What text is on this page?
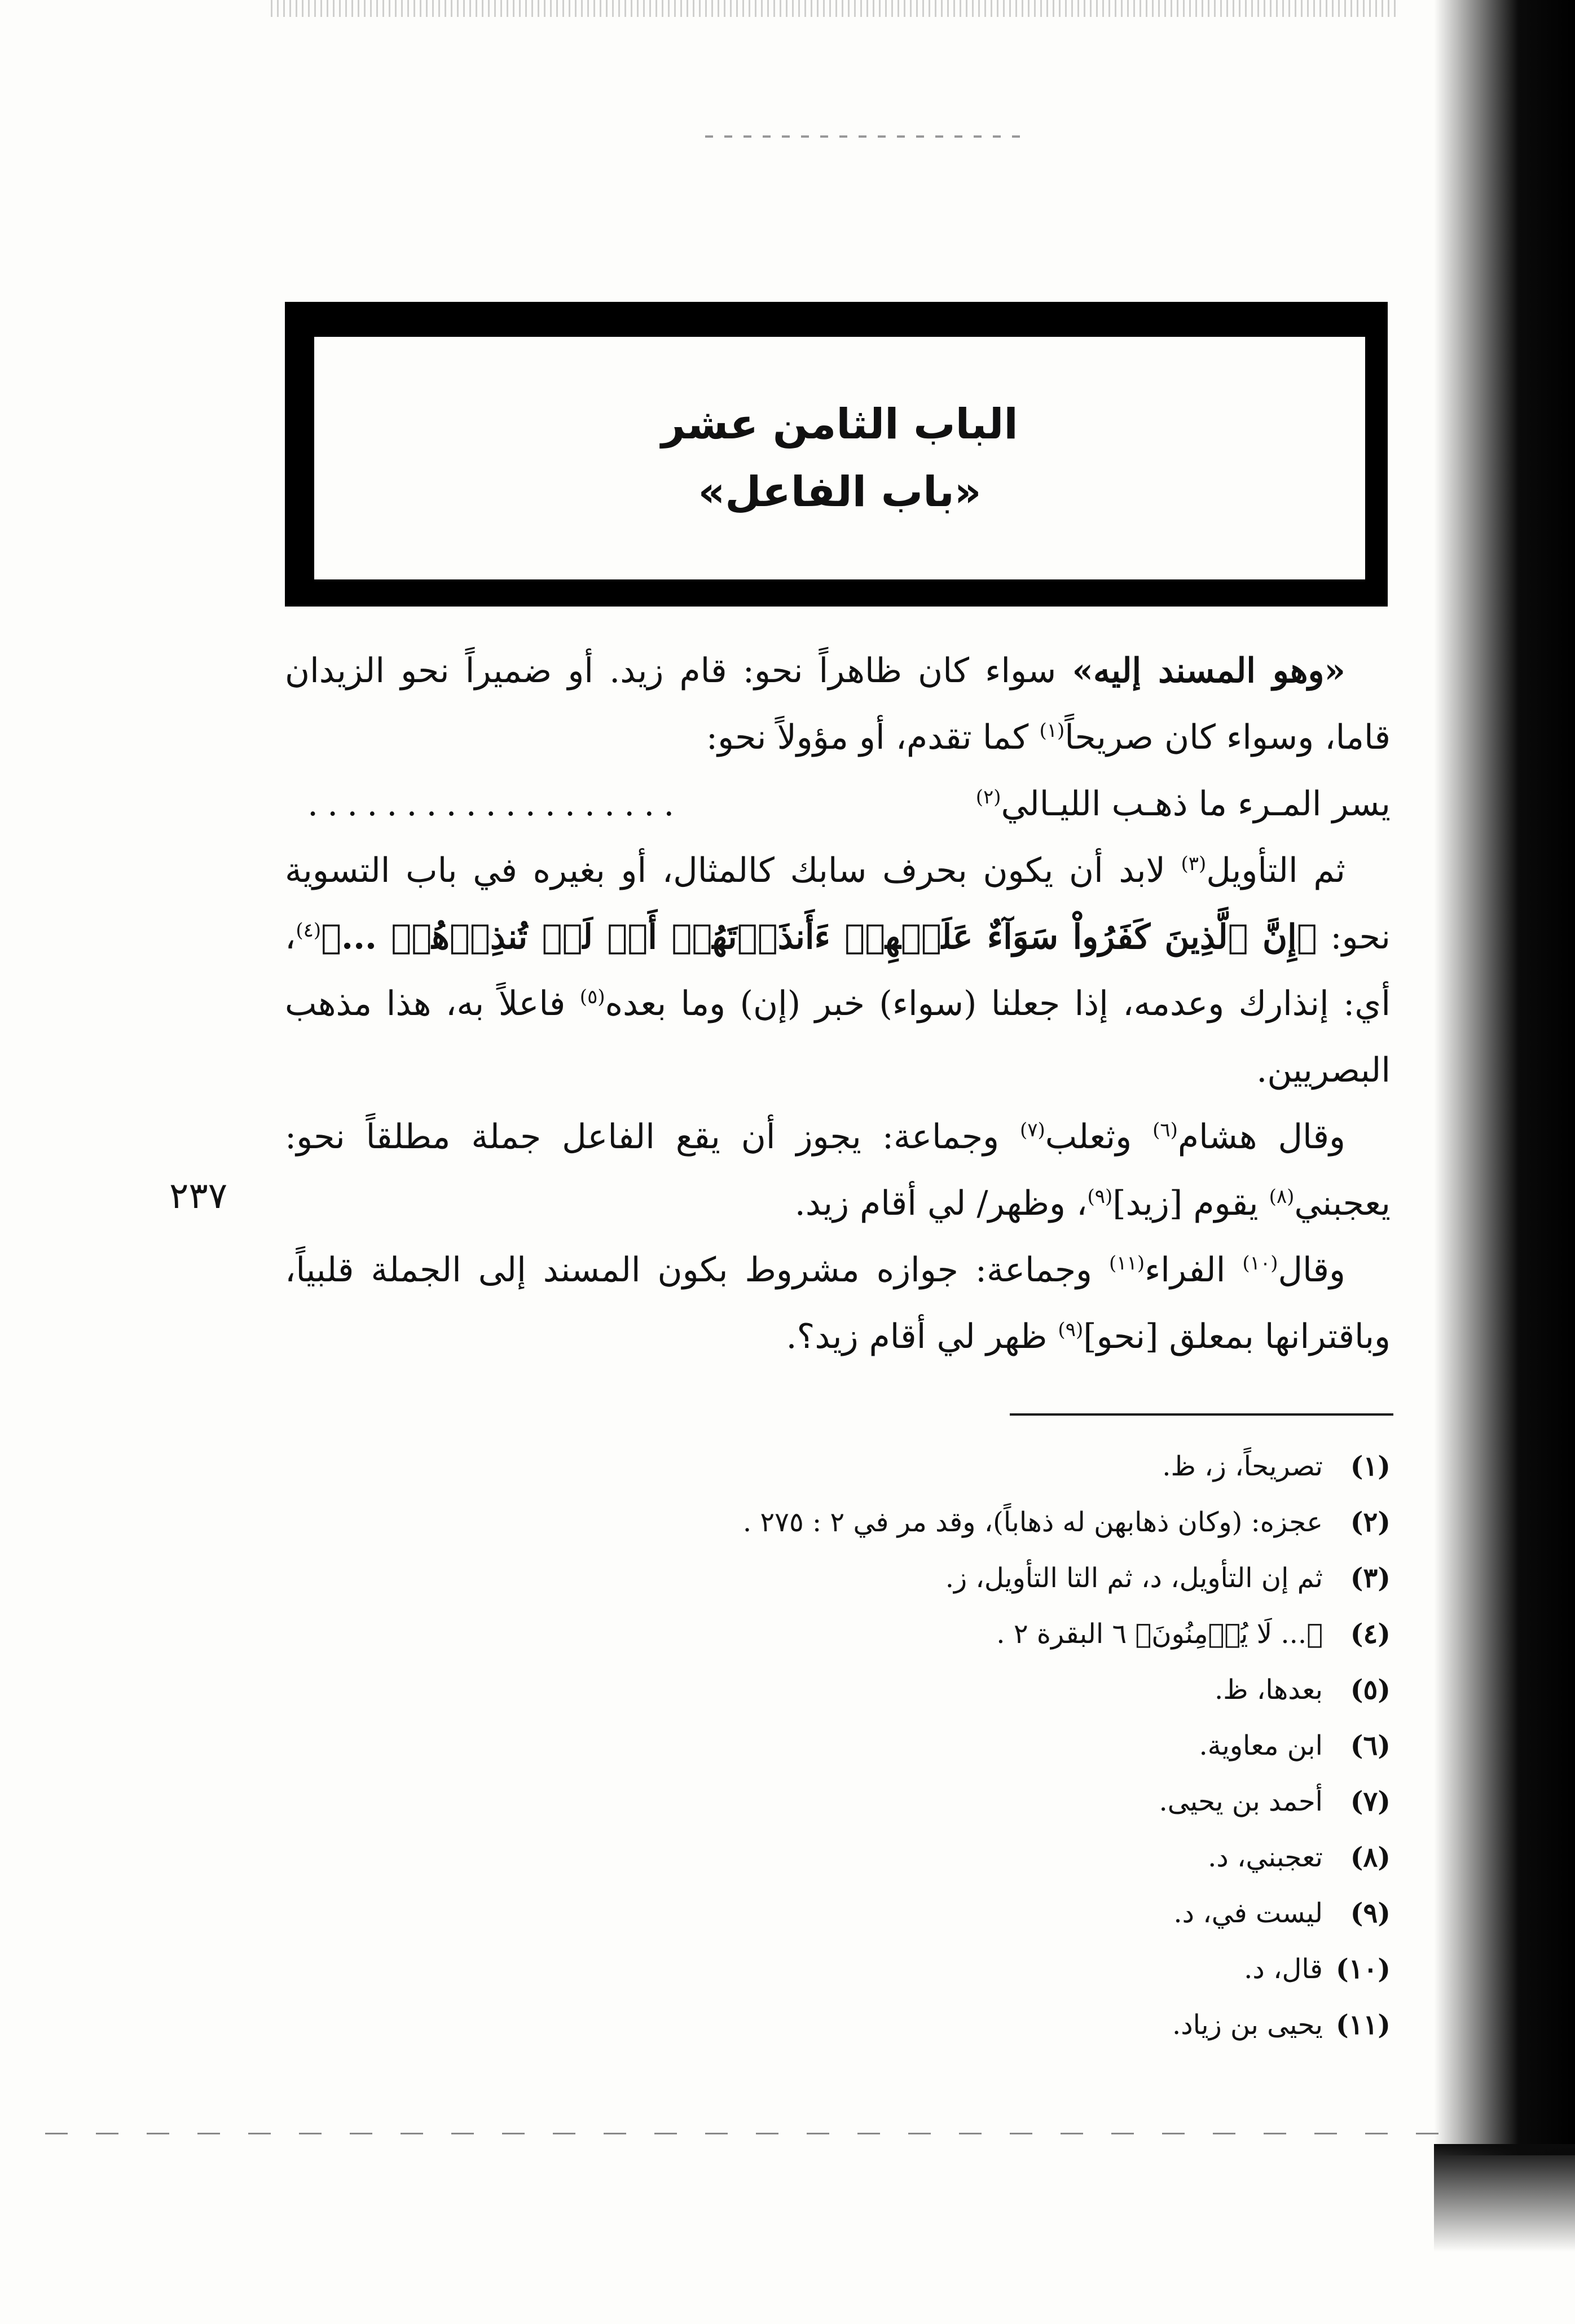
الباب الثامن عشر

«باب الفاعل»

«وهو المسند إليه» سواء كان ظاهراً نحو: قام زيد. أو ضميراً نحو الزيدان قاما، وسواء كان صريحاً$^{(١)}$ كما تقدم، أو مؤولاً نحو:

يسر المـرء ما ذهـب الليـالي$^{(٢)}$
...................

ثم التأويل$^{(٣)}$ لابد أن يكون بحرف سابك كالمثال، أو بغيره في باب التسوية نحو: ﴿إِنَّ ٱلَّذِينَ كَفَرُواْ سَوَآءٌ عَلَيۡهِمۡ ءَأَنذَرۡتَهُمۡ أَمۡ لَمۡ تُنذِرۡهُمۡ ...﴾$^{(٤)}$، أي: إنذارك وعدمه، إذا جعلنا (سواء) خبر (إن) وما بعده$^{(٥)}$ فاعلاً به، هذا مذهب البصريين.

وقال هشام$^{(٦)}$ وثعلب$^{(٧)}$ وجماعة: يجوز أن يقع الفاعل جملة مطلقاً نحو: يعجبني$^{(٨)}$ يقوم [زيد]$^{(٩)}$، وظهر/ لي أقام زيد.

وقال$^{(١٠)}$ الفراء$^{(١١)}$ وجماعة: جوازه مشروط بكون المسند إلى الجملة قلبياً، وباقترانها بمعلق [نحو]$^{(٩)}$ ظهر لي أقام زيد؟.

٢٣٧

(١)تصريحاً، ز، ظ.

(٢)عجزه: (وكان ذهابهن له ذهاباً)، وقد مر في ٢ : ٢٧٥ .

(٣)ثم إن التأويل، د، ثم التا التأويل، ز.

(٤)﴿... لَا يُؤۡمِنُونَ﴾ ٦ البقرة ٢ .

(٥)بعدها، ظ.

(٦)ابن معاوية.

(٧)أحمد بن يحيى.

(٨)تعجبني، د.

(٩)ليست في، د.

(١٠)قال، د.

(١١)يحيى بن زياد.
